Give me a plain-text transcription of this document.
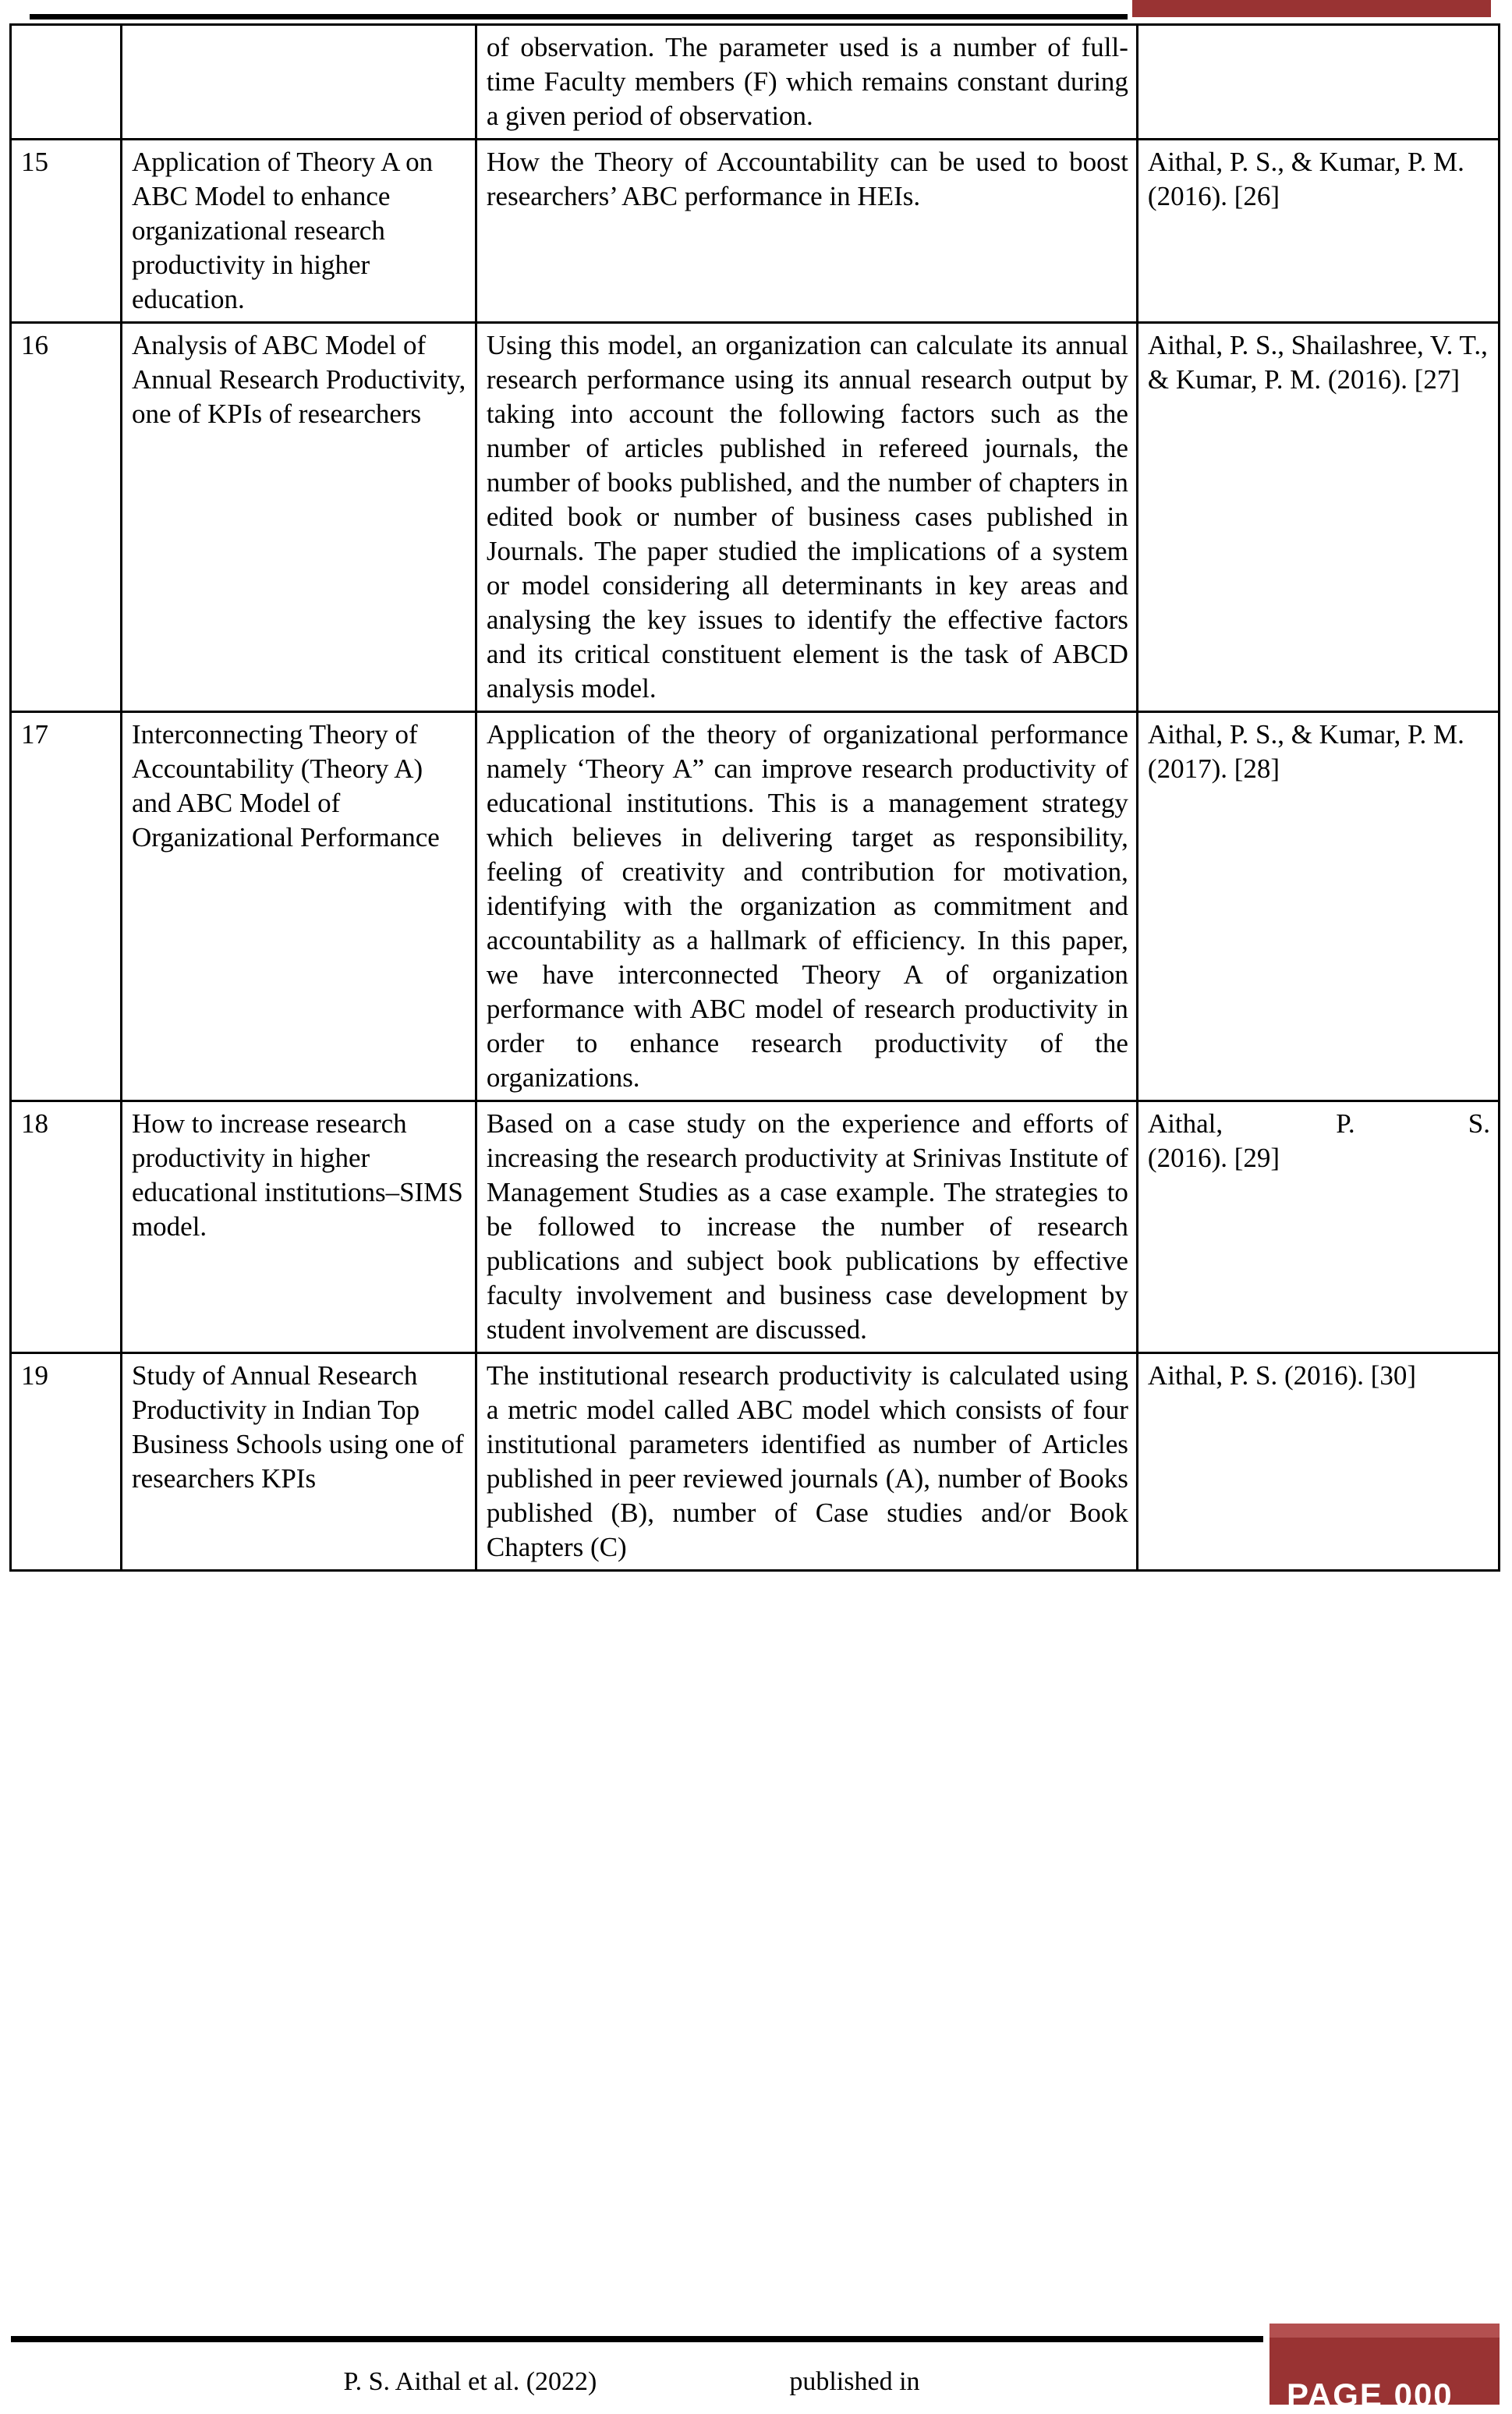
		of observation. The parameter used is a number of full-time Faculty members (F) which remains constant during a given period of observation.	

15	Application of Theory A on ABC Model to enhance organizational research productivity in higher education.	How the Theory of Accountability can be used to boost researchers’ ABC performance in HEIs.	Aithal, P. S., & Kumar, P. M. (2016). [26]

16	Analysis of ABC Model of Annual Research Productivity, one of KPIs of researchers	Using this model, an organization can calculate its annual research performance using its annual research output by taking into account the following factors such as the number of articles published in refereed journals, the number of books published, and the number of chapters in edited book or number of business cases published in Journals. The paper studied the implications of a system or model considering all determinants in key areas and analysing the key issues to identify the effective factors and its critical constituent element is the task of ABCD analysis model.	Aithal, P. S., Shailashree, V. T., & Kumar, P. M. (2016). [27]

17	Interconnecting Theory of Accountability (Theory A) and ABC Model of Organizational Performance	Application of the theory of organizational performance namely ‘Theory A” can improve research productivity of educational institutions. This is a management strategy which believes in delivering target as responsibility, feeling of creativity and contribution for motivation, identifying with the organization as commitment and accountability as a hallmark of efficiency. In this paper, we have interconnected Theory A of organization performance with ABC model of research productivity in order to enhance research productivity of the organizations.	Aithal, P. S., & Kumar, P. M. (2017). [28]

18	How to increase research productivity in higher educational institutions–SIMS model.	Based on a case study on the experience and efforts of increasing the research productivity at Srinivas Institute of Management Studies as a case example. The strategies to be followed to increase the number of research publications and subject book publications by effective faculty involvement and business case development by student involvement are discussed.	Aithal,       P.       S.
(2016). [29]

19	Study of Annual Research Productivity in Indian Top Business Schools using one of researchers KPIs	The institutional research productivity is calculated using a metric model called ABC model which consists of four institutional parameters identified as number of Articles published in peer reviewed journals (A), number of Books published (B), number of Case studies and/or Book Chapters (C)	Aithal, P. S. (2016). [30]
P. S. Aithal et al. (2022)	published in	PAGE 000
